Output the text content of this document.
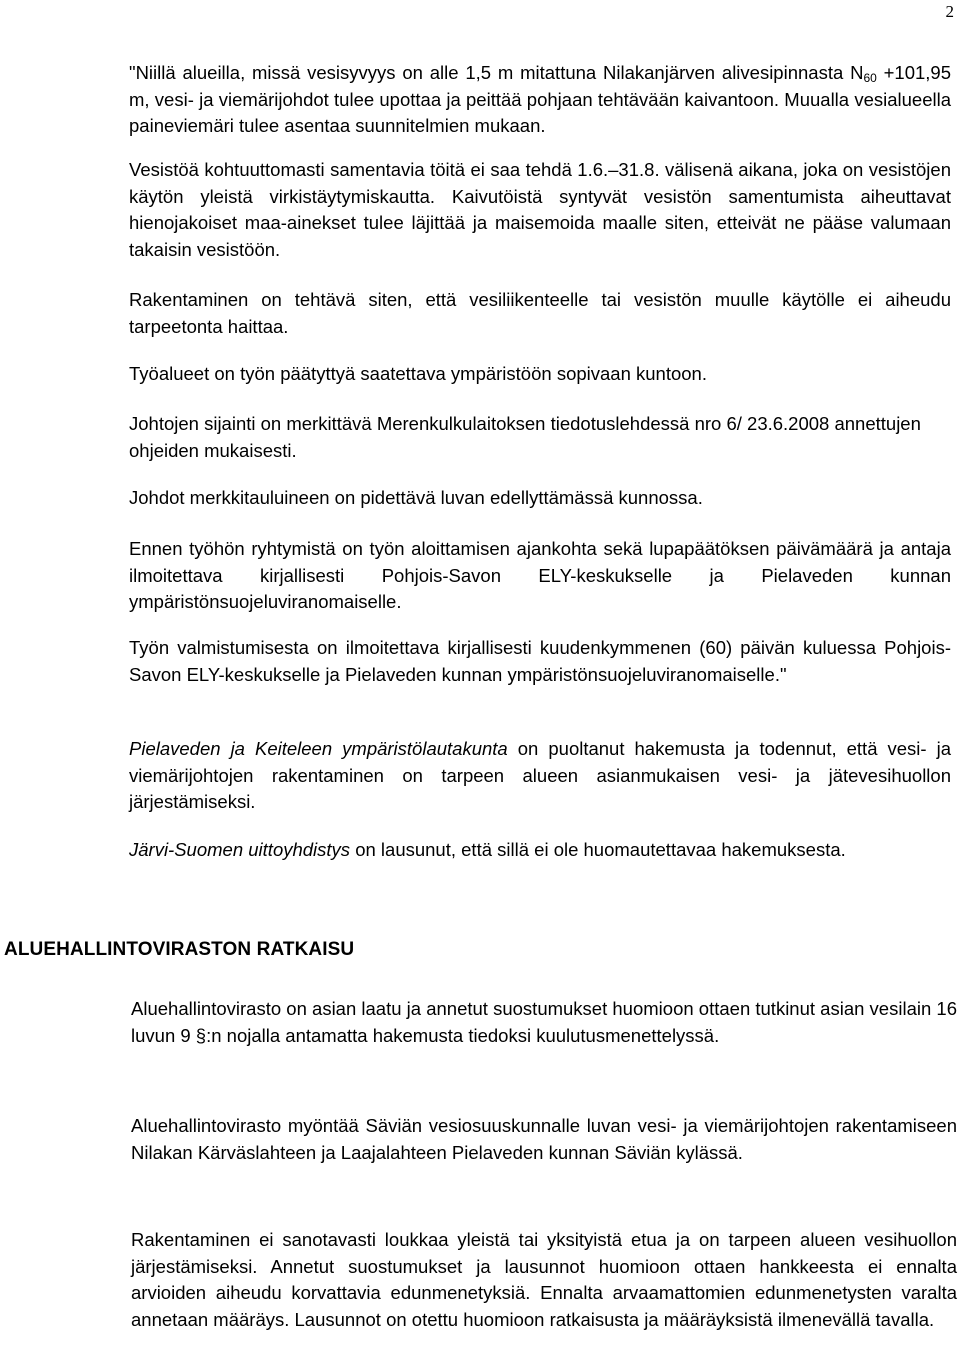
2

"Niillä alueilla, missä vesisyvyys on alle 1,5 m mitattuna Nilakanjärven alivesipinnasta $N_{60} +101,95$ m, vesi- ja viemärijohdot tulee upottaa ja peittää pohjaan tehtävään kaivantoon. Muualla vesialueella paineviemäri tulee asentaa suunnitelmien mukaan.

Vesistöä kohtuuttomasti samentavia töitä ei saa tehdä 1.6.–31.8. välisenä aikana, joka on vesistöjen käytön yleistä virkistäytymiskautta. Kaivutöistä syntyvät vesistön samentumista aiheuttavat hienojakoiset maa-ainekset tulee läjittää ja maisemoida maalle siten, etteivät ne pääse valumaan takaisin vesistöön.

Rakentaminen on tehtävä siten, että vesiliikenteelle tai vesistön muulle käytölle ei aiheudu tarpeetonta haittaa.

Työalueet on työn päätyttyä saatettava ympäristöön sopivaan kuntoon.

Johtojen sijainti on merkittävä Merenkulkulaitoksen tiedotuslehdessä nro 6/ 23.6.2008 annettujen ohjeiden mukaisesti.

Johdot merkkitauluineen on pidettävä luvan edellyttämässä kunnossa.

Ennen työhön ryhtymistä on työn aloittamisen ajankohta sekä lupapäätöksen päivämäärä ja antaja ilmoitettava kirjallisesti Pohjois-Savon ELY-keskukselle ja Pielaveden kunnan ympäristönsuojeluviranomaiselle.

Työn valmistumisesta on ilmoitettava kirjallisesti kuudenkymmenen (60) päivän kuluessa Pohjois-Savon ELY-keskukselle ja Pielaveden kunnan ympäristönsuojeluviranomaiselle."

Pielaveden ja Keiteleen ympäristölautakunta on puoltanut hakemusta ja todennut, että vesi- ja viemärijohtojen rakentaminen on tarpeen alueen asianmukaisen vesi- ja jätevesihuollon järjestämiseksi.

Järvi-Suomen uittoyhdistys on lausunut, että sillä ei ole huomautettavaa hakemuksesta.

ALUEHALLINTOVIRASTON RATKAISU

Aluehallintovirasto on asian laatu ja annetut suostumukset huomioon ottaen tutkinut asian vesilain 16 luvun 9 §:n nojalla antamatta hakemusta tiedoksi kuulutusmenettelyssä.

Aluehallintovirasto myöntää Säviän vesiosuuskunnalle luvan vesi- ja viemärijohtojen rakentamiseen Nilakan Kärväslahteen ja Laajalahteen Pielaveden kunnan Säviän kylässä.

Rakentaminen ei sanotavasti loukkaa yleistä tai yksityistä etua ja on tarpeen alueen vesihuollon järjestämiseksi. Annetut suostumukset ja lausunnot huomioon ottaen hankkeesta ei ennalta arvioiden aiheudu korvattavia edunmenetyksiä. Ennalta arvaamattomien edunmenetysten varalta annetaan määräys. Lausunnot on otettu huomioon ratkaisusta ja määräyksistä ilmenevällä tavalla.
